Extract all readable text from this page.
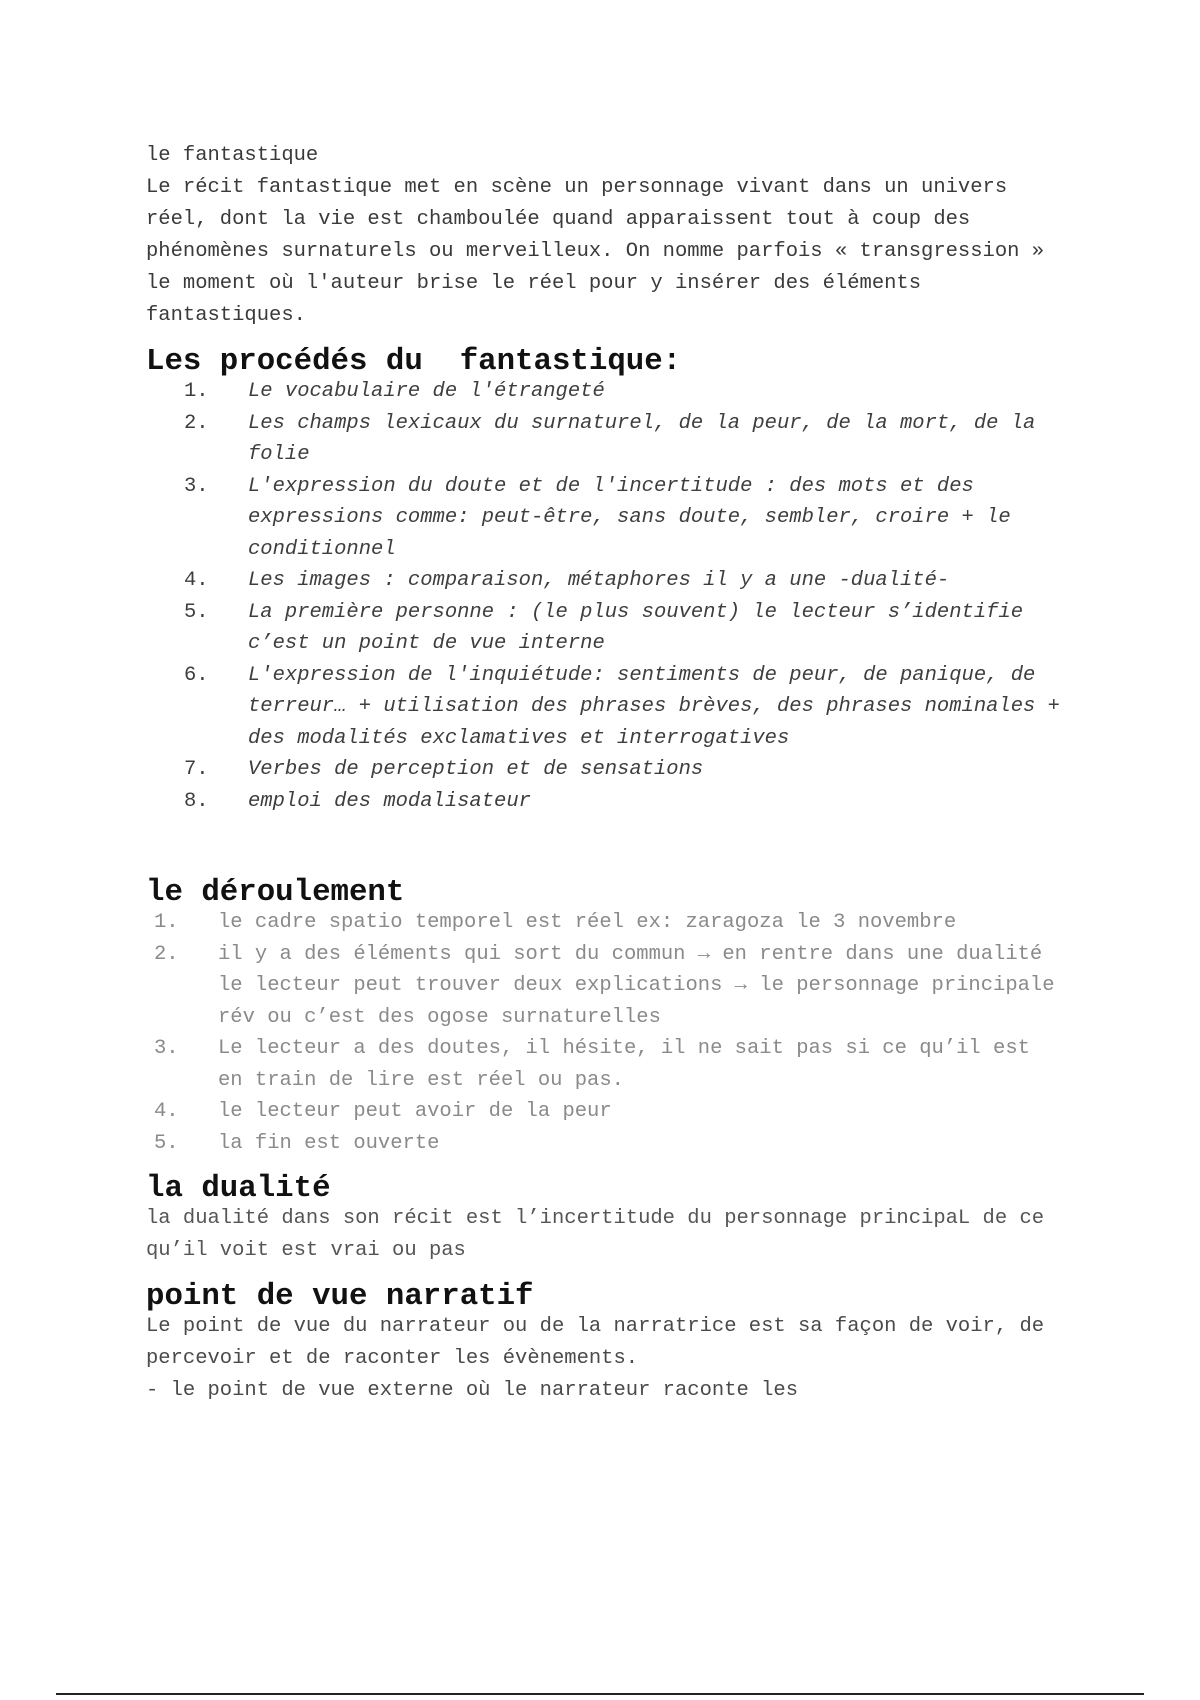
le fantastique

Le récit fantastique met en scène un personnage vivant dans un univers réel, dont la vie est chamboulée quand apparaissent tout à coup des phénomènes surnaturels ou merveilleux. On nomme parfois « transgression » le moment où l'auteur brise le réel pour y insérer des éléments fantastiques.

Les procédés du  fantastique:
1. Le vocabulaire de l'étrangeté
2. Les champs lexicaux du surnaturel, de la peur, de la mort, de la folie
3. L'expression du doute et de l'incertitude : des mots et des expressions comme: peut-être, sans doute, sembler, croire + le conditionnel
4. Les images : comparaison, métaphores il y a une -dualité-
5. La première personne : (le plus souvent) le lecteur s’identifie c’est un point de vue interne
6. L'expression de l'inquiétude: sentiments de peur, de panique, de terreur… + utilisation des phrases brèves, des phrases nominales + des modalités exclamatives et interrogatives
7. Verbes de perception et de sensations
8. emploi des modalisateur
le déroulement
1. le cadre spatio temporel est réel ex: zaragoza le 3 novembre
2. il y a des éléments qui sort du commun → en rentre dans une dualité le lecteur peut trouver deux explications → le personnage principale rév ou c’est des ogose surnaturelles
3. Le lecteur a des doutes, il hésite, il ne sait pas si ce qu’il est en train de lire est réel ou pas.
4. le lecteur peut avoir de la peur
5. la fin est ouverte
la dualité

la dualité dans son récit est l’incertitude du personnage principaL de ce qu’il voit est vrai ou pas

point de vue narratif

Le point de vue du narrateur ou de la narratrice est sa façon de voir, de percevoir et de raconter les évènements.

- le point de vue externe où le narrateur raconte les
